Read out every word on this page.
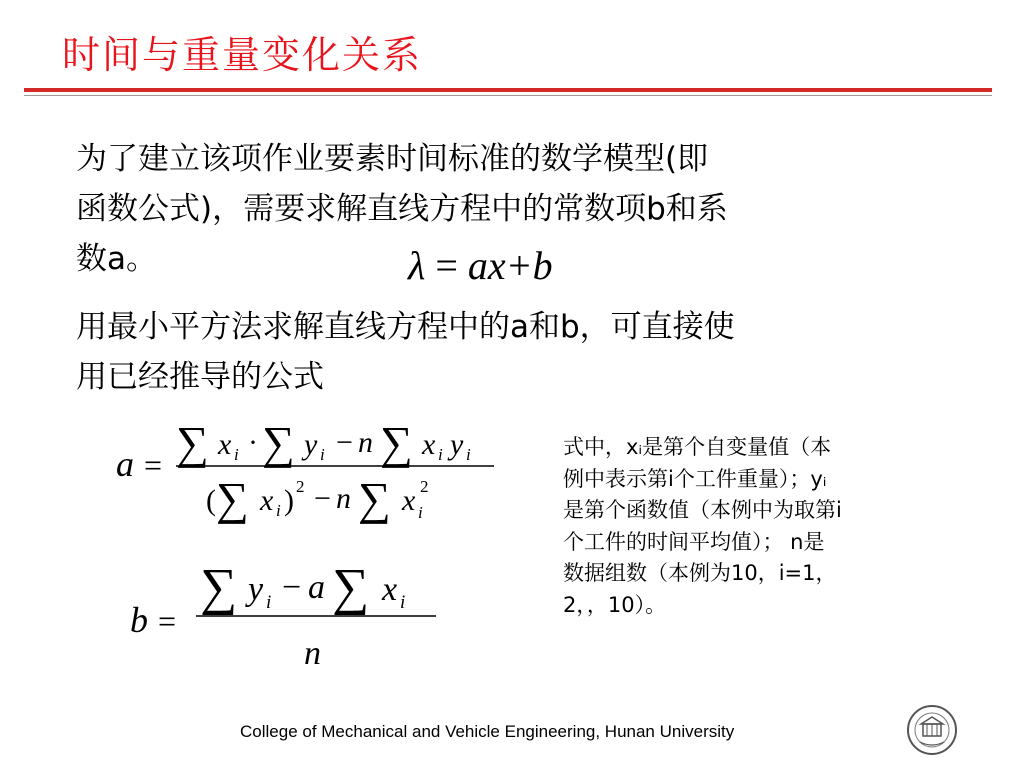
时间与重量变化关系
为了建立该项作业要素时间标准的数学模型(即
函数公式)，需要求解直线方程中的常数项b和系
数a。	λ = ax+b
用最小平方法求解直线方程中的a和b，可直接使
用已经推导的公式
a = ∑ x i · ∑ y i − n ∑ x i y i
( ∑ x i ) 2 − n ∑ x i
2
b =
∑ y i − a ∑ x i
n
式中，xᵢ是第个自变量值（本
例中表示第i个工件重量）；yᵢ
是第个函数值（本例中为取第i
个工件的时间平均值）； n是
数据组数（本例为10，i=1，
2，，10）。
College of Mechanical and Vehicle Engineering, Hunan University
